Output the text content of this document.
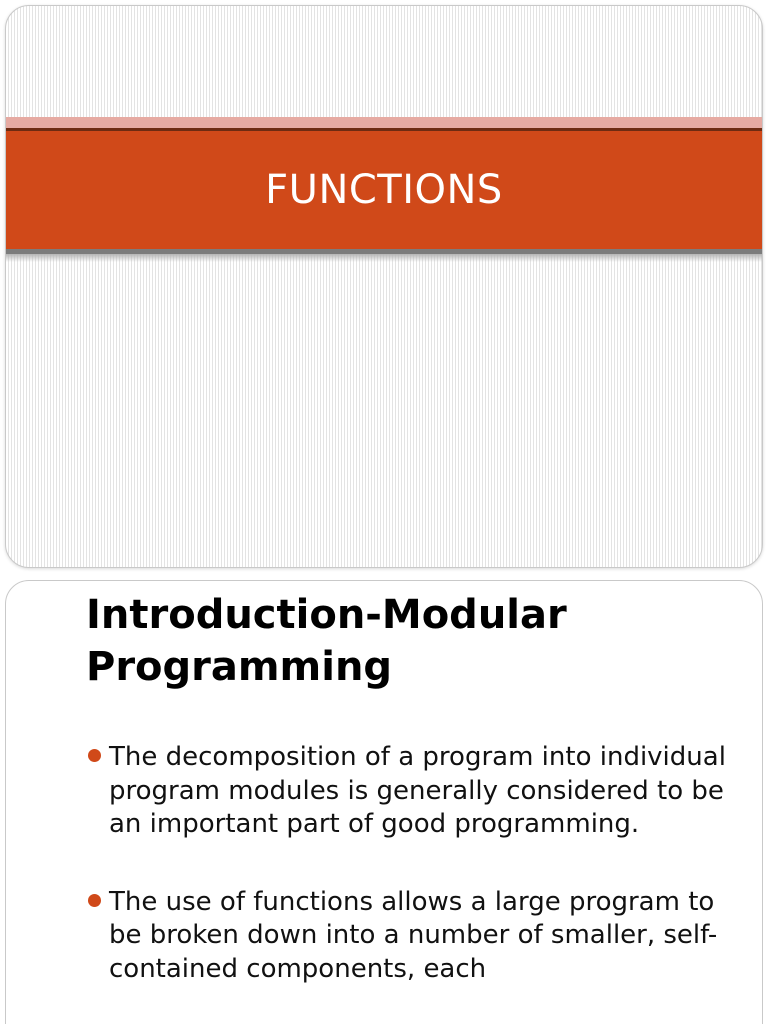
FUNCTIONS
Introduction-Modular Programming
The decomposition of a program into individual program modules is generally considered to be an important part of good programming.
The use of functions allows a large program to be broken down into a number of smaller, self-contained components, each
